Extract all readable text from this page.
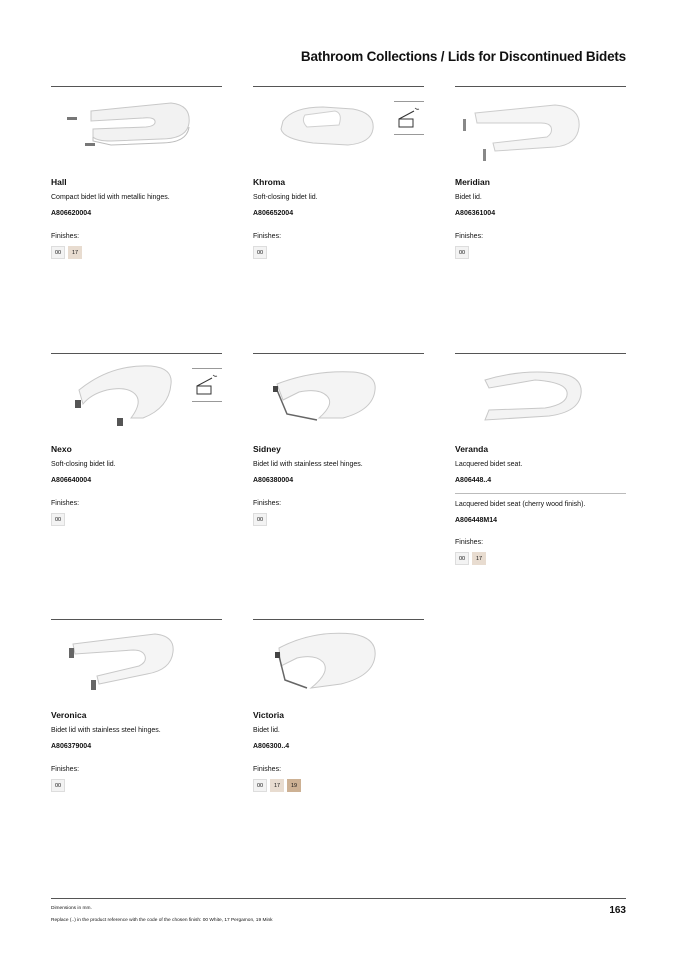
Bathroom Collections / Lids for Discontinued Bidets
Hall
Compact bidet lid with metallic hinges.
A806620004
Finishes:
00	17
Khroma
Soft-closing bidet lid.
A806652004
Finishes:
00
Meridian
Bidet lid.
A806361004
Finishes:
00
Nexo
Soft-closing bidet lid.
A806640004
Finishes:
00
Sidney
Bidet lid with stainless steel hinges.
A806380004
Finishes:
00
Veranda
Lacquered bidet seat.
A806448..4
Lacquered bidet seat (cherry wood finish).
A806448M14
Finishes:
00	17
Veronica
Bidet lid with stainless steel hinges.
A806379004
Finishes:
00
Victoria
Bidet lid.
A806300..4
Finishes:
00	17	19
Dimensions in mm.
Replace (..) in the product reference with the code of the chosen finish: 00 White, 17 Pergamon, 19 Mink
163
